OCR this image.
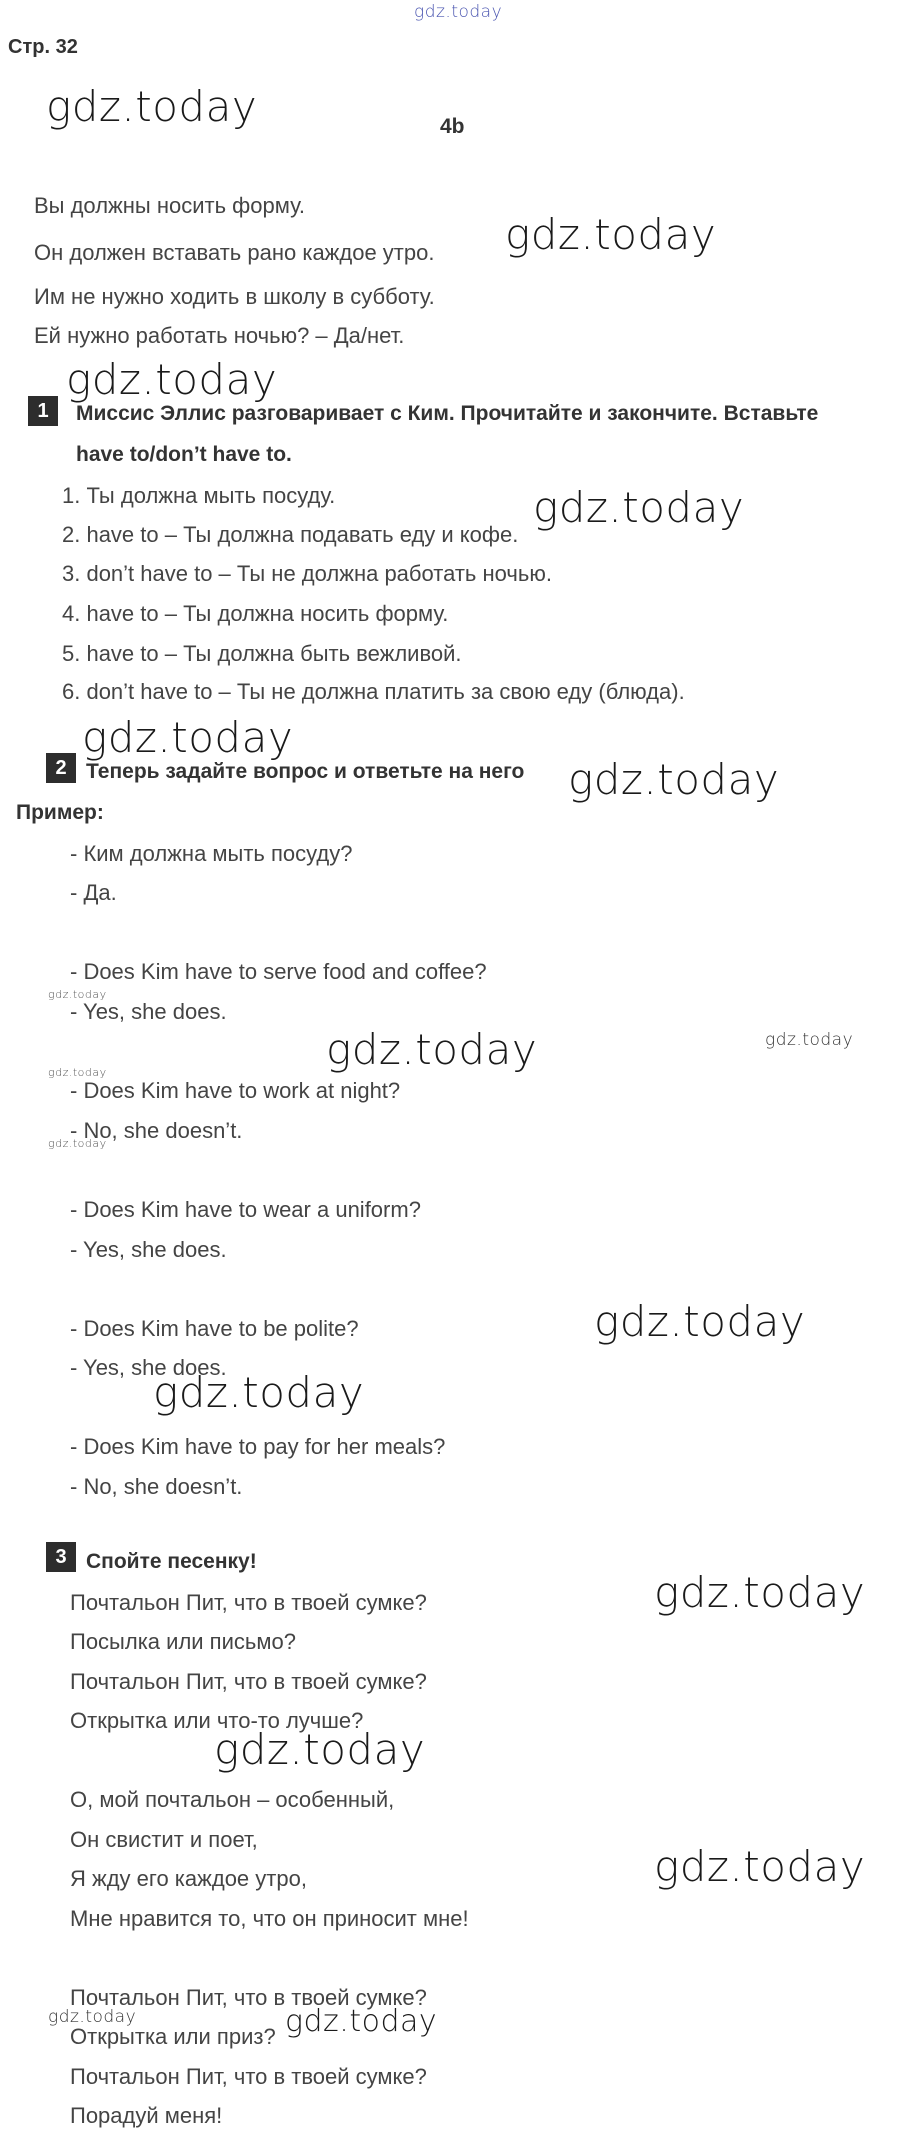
gdz.today
gdz.today
gdz.today
gdz.today
gdz.today
gdz.today
gdz.today
gdz.today
gdz.today	gdz.today
gdz.today
gdz.today
gdz.today
gdz.today
gdz.today
gdz.today
gdz.today
gdz.today	gdz.today
Стр. 32
4b
Вы должны носить форму.
Он должен вставать рано каждое утро.
Им не нужно ходить в школу в субботу.
Ей нужно работать ночью? – Да/нет.
1	Миссис Эллис разговаривает с Ким. Прочитайте и закончите. Вставьте
have to/don’t have to.
1. Ты должна мыть посуду.
2. have to – Ты должна подавать еду и кофе.
3. don’t have to – Ты не должна работать ночью.
4. have to – Ты должна носить форму.
5. have to – Ты должна быть вежливой.
6. don’t have to – Ты не должна платить за свою еду (блюда).
2 Теперь задайте вопрос и ответьте на него
Пример:
- Ким должна мыть посуду?
- Да.
- Does Kim have to serve food and coffee?
- Yes, she does.
- Does Kim have to work at night?
- No, she doesn’t.
- Does Kim have to wear a uniform?
- Yes, she does.
- Does Kim have to be polite?
- Yes, she does.
- Does Kim have to pay for her meals?
- No, she doesn’t.
3 Спойте песенку!
Почтальон Пит, что в твоей сумке?
Посылка или письмо?
Почтальон Пит, что в твоей сумке?
Открытка или что-то лучше?
О, мой почтальон – особенный,
Он свистит и поет,
Я жду его каждое утро,
Мне нравится то, что он приносит мне!
Почтальон Пит, что в твоей сумке?
Открытка или приз?
Почтальон Пит, что в твоей сумке?
Порадуй меня!
